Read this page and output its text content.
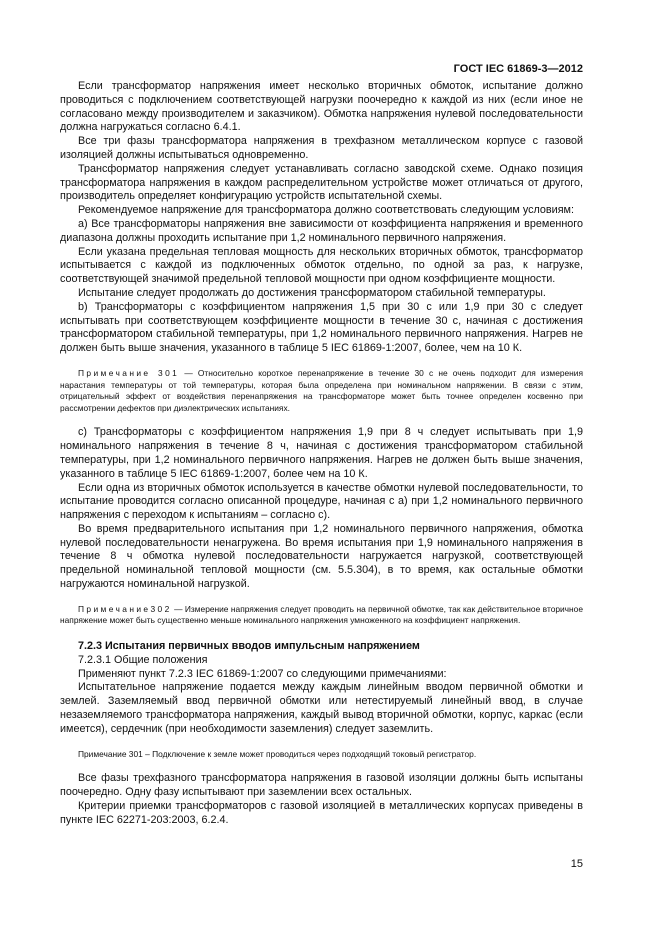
ГОСТ IEC 61869-3—2012

Если трансформатор напряжения имеет несколько вторичных обмоток, испытание должно проводиться с подключением соответствующей нагрузки поочередно к каждой из них (если иное не согласовано между производителем и заказчиком). Обмотка напряжения нулевой последовательности должна нагружаться согласно 6.4.1.

Все три фазы трансформатора напряжения в трехфазном металлическом корпусе с газовой изоляцией должны испытываться одновременно.

Трансформатор напряжения следует устанавливать согласно заводской схеме. Однако позиция трансформатора напряжения в каждом распределительном устройстве может отличаться от другого, производитель определяет конфигурацию устройств испытательной схемы.

Рекомендуемое напряжение для трансформатора должно соответствовать следующим условиям:

a) Все трансформаторы напряжения вне зависимости от коэффициента напряжения и временного диапазона должны проходить испытание при 1,2 номинального первичного напряжения.

Если указана предельная тепловая мощность для нескольких вторичных обмоток, трансформатор испытывается с каждой из подключенных обмоток отдельно, по одной за раз, к нагрузке, соответствующей значимой предельной тепловой мощности при одном коэффициенте мощности.

Испытание следует продолжать до достижения трансформатором стабильной температуры.

b) Трансформаторы с коэффициентом напряжения 1,5 при 30 с или 1,9 при 30 с следует испытывать при соответствующем коэффициенте мощности в течение 30 с, начиная с достижения трансформатором стабильной температуры, при 1,2 номинального первичного напряжения. Нагрев не должен быть выше значения, указанного в таблице 5 IEC 61869-1:2007, более, чем на 10 К.

Примечание 301 — Относительно короткое перенапряжение в течение 30 с не очень подходит для измерения нарастания температуры от той температуры, которая была определена при номинальном напряжении. В связи с этим, отрицательный эффект от воздействия перенапряжения на трансформаторе может быть точнее определен косвенно при рассмотрении дефектов при диэлектрических испытаниях.

c) Трансформаторы с коэффициентом напряжения 1,9 при 8 ч следует испытывать при 1,9 номинального напряжения в течение 8 ч, начиная с достижения трансформатором стабильной температуры, при 1,2 номинального первичного напряжения. Нагрев не должен быть выше значения, указанного в таблице 5 IEC 61869-1:2007, более чем на 10 К.

Если одна из вторичных обмоток используется в качестве обмотки нулевой последовательности, то испытание проводится согласно описанной процедуре, начиная с a) при 1,2 номинального первичного напряжения с переходом к испытаниям – согласно c).

Во время предварительного испытания при 1,2 номинального первичного напряжения, обмотка нулевой последовательности ненагружена. Во время испытания при 1,9 номинального напряжения в течение 8 ч обмотка нулевой последовательности нагружается нагрузкой, соответствующей предельной номинальной тепловой мощности (см. 5.5.304), в то время, как остальные обмотки нагружаются номинальной нагрузкой.

Примечание302 — Измерение напряжения следует проводить на первичной обмотке, так как действительное вторичное напряжение может быть существенно меньше номинального напряжения умноженного на коэффициент напряжения.

7.2.3 Испытания первичных вводов импульсным напряжением

7.2.3.1 Общие положения

Применяют пункт 7.2.3 IEC 61869-1:2007 со следующими примечаниями:

Испытательное напряжение подается между каждым линейным вводом первичной обмотки и землей. Заземляемый ввод первичной обмотки или нетестируемый линейный ввод, в случае незаземляемого трансформатора напряжения, каждый вывод вторичной обмотки, корпус, каркас (если имеется), сердечник (при необходимости заземления) следует заземлить.

Примечание 301 – Подключение к земле может проводиться через подходящий токовый регистратор.

Все фазы трехфазного трансформатора напряжения в газовой изоляции должны быть испытаны поочередно. Одну фазу испытывают при заземлении всех остальных.

Критерии приемки трансформаторов с газовой изоляцией в металлических корпусах приведены в пункте IEC 62271-203:2003, 6.2.4.

15
